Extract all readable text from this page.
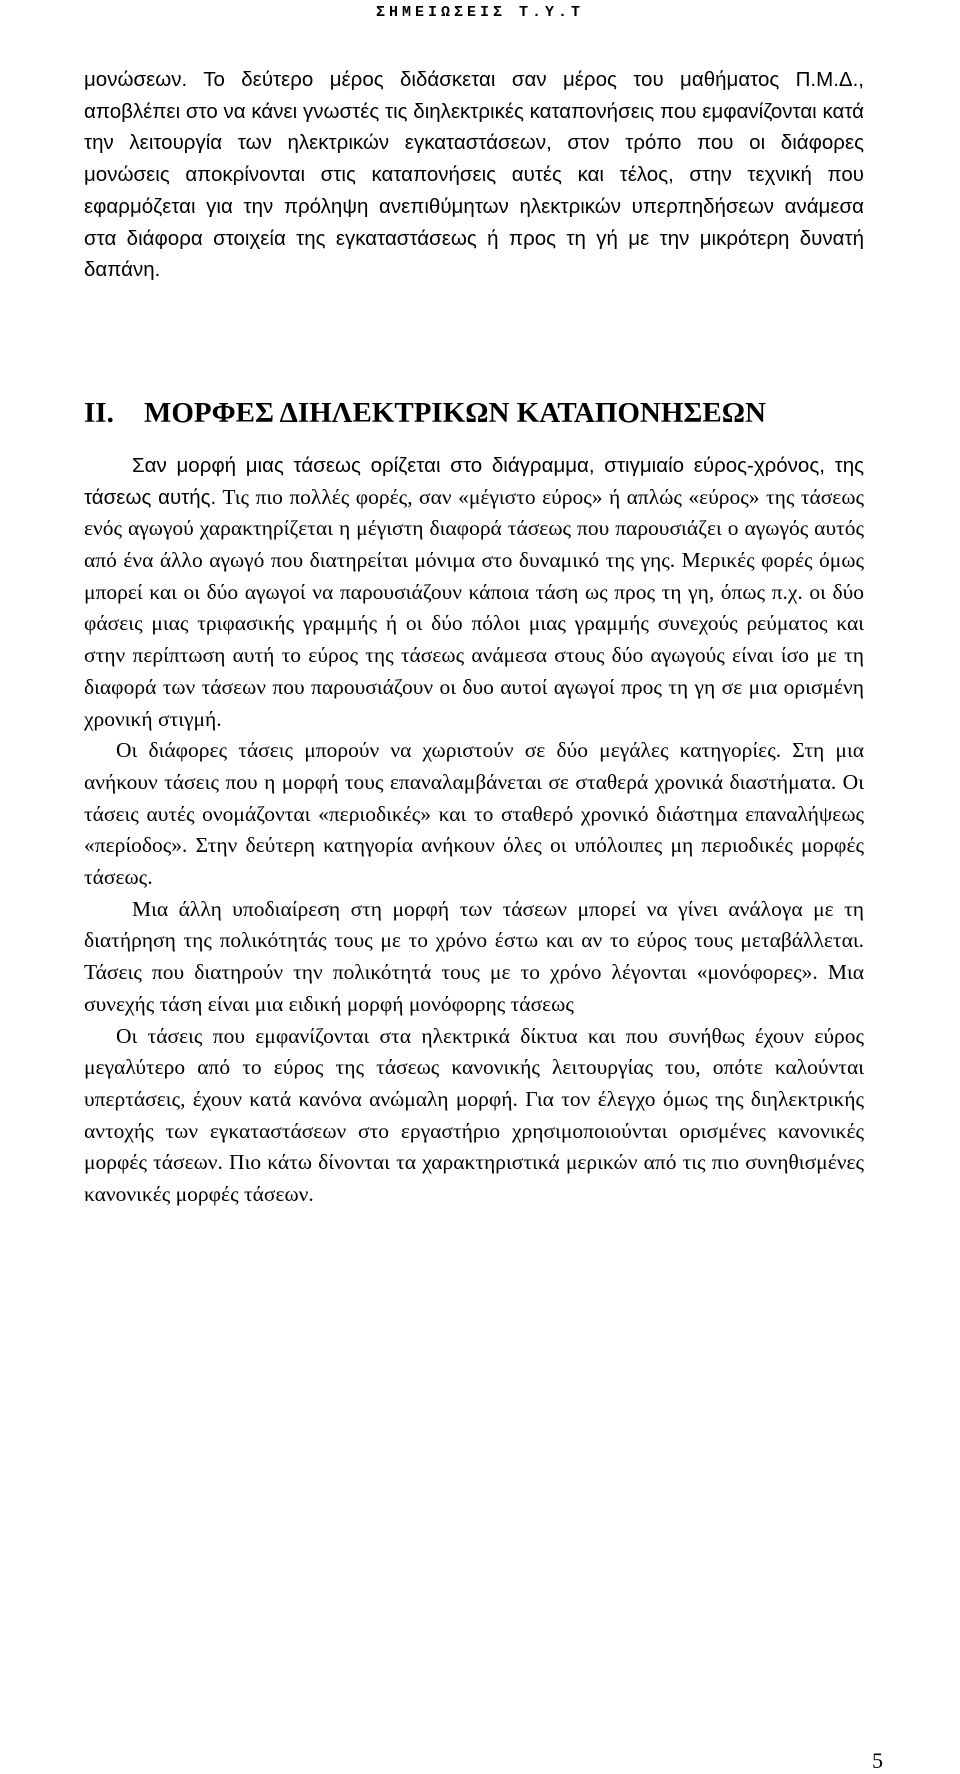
ΣΗΜΕΙΩΣΕΙΣ Τ.Υ.Τ

μονώσεων. Το δεύτερο μέρος διδάσκεται σαν μέρος του μαθήματος Π.Μ.Δ., αποβλέπει στο να κάνει γνωστές τις διηλεκτρικές καταπονήσεις που εμφανίζονται κατά την λειτουργία των ηλεκτρικών εγκαταστάσεων, στον τρόπο που οι διάφορες μονώσεις αποκρίνονται στις καταπονήσεις αυτές και τέλος, στην τεχνική που εφαρμόζεται για την πρόληψη ανεπιθύμητων ηλεκτρικών υπερπηδήσεων ανάμεσα στα διάφορα στοιχεία της εγκαταστάσεως ή προς τη γή με την μικρότερη δυνατή δαπάνη.

ΙΙ. ΜΟΡΦΕΣ ΔΙΗΛΕΚΤΡΙΚΩΝ ΚΑΤΑΠΟΝΗΣΕΩΝ

Σαν μορφή μιας τάσεως ορίζεται στο διάγραμμα, στιγμιαίο εύρος-χρόνος, της τάσεως αυτής. Τις πιο πολλές φορές, σαν «μέγιστο εύρος» ή απλώς «εύρος» της τάσεως ενός αγωγού χαρακτηρίζεται η μέγιστη διαφορά τάσεως που παρουσιάζει ο αγωγός αυτός από ένα άλλο αγωγό που διατηρείται μόνιμα στο δυναμικό της γης. Μερικές φορές όμως μπορεί και οι δύο αγωγοί να παρουσιάζουν κάποια τάση ως προς τη γη, όπως π.χ. οι δύο φάσεις μιας τριφασικής γραμμής ή οι δύο πόλοι μιας γραμμής συνεχούς ρεύματος και στην περίπτωση αυτή το εύρος της τάσεως ανάμεσα στους δύο αγωγούς είναι ίσο με τη διαφορά των τάσεων που παρουσιάζουν οι δυο αυτοί αγωγοί προς τη γη σε μια ορισμένη χρονική στιγμή.

Οι διάφορες τάσεις μπορούν να χωριστούν σε δύο μεγάλες κατηγορίες. Στη μια ανήκουν τάσεις που η μορφή τους επαναλαμβάνεται σε σταθερά χρονικά διαστήματα. Οι τάσεις αυτές ονομάζονται «περιοδικές» και το σταθερό χρονικό διάστημα επαναλήψεως «περίοδος». Στην δεύτερη κατηγορία ανήκουν όλες οι υπόλοιπες μη περιοδικές μορφές τάσεως.

Μια άλλη υποδιαίρεση στη μορφή των τάσεων μπορεί να γίνει ανάλογα με τη διατήρηση της πολικότητάς τους με το χρόνο έστω και αν το εύρος τους μεταβάλλεται. Τάσεις που διατηρούν την πολικότητά τους με το χρόνο λέγονται «μονόφορες». Μια συνεχής τάση είναι μια ειδική μορφή μονόφορης τάσεως

Οι τάσεις που εμφανίζονται στα ηλεκτρικά δίκτυα και που συνήθως έχουν εύρος μεγαλύτερο από το εύρος της τάσεως κανονικής λειτουργίας του, οπότε καλούνται υπερτάσεις, έχουν κατά κανόνα ανώμαλη μορφή. Για τον έλεγχο όμως της διηλεκτρικής αντοχής των εγκαταστάσεων στο εργαστήριο χρησιμοποιούνται ορισμένες κανονικές μορφές τάσεων. Πιο κάτω δίνονται τα χαρακτηριστικά μερικών από τις πιο συνηθισμένες κανονικές μορφές τάσεων.

5
